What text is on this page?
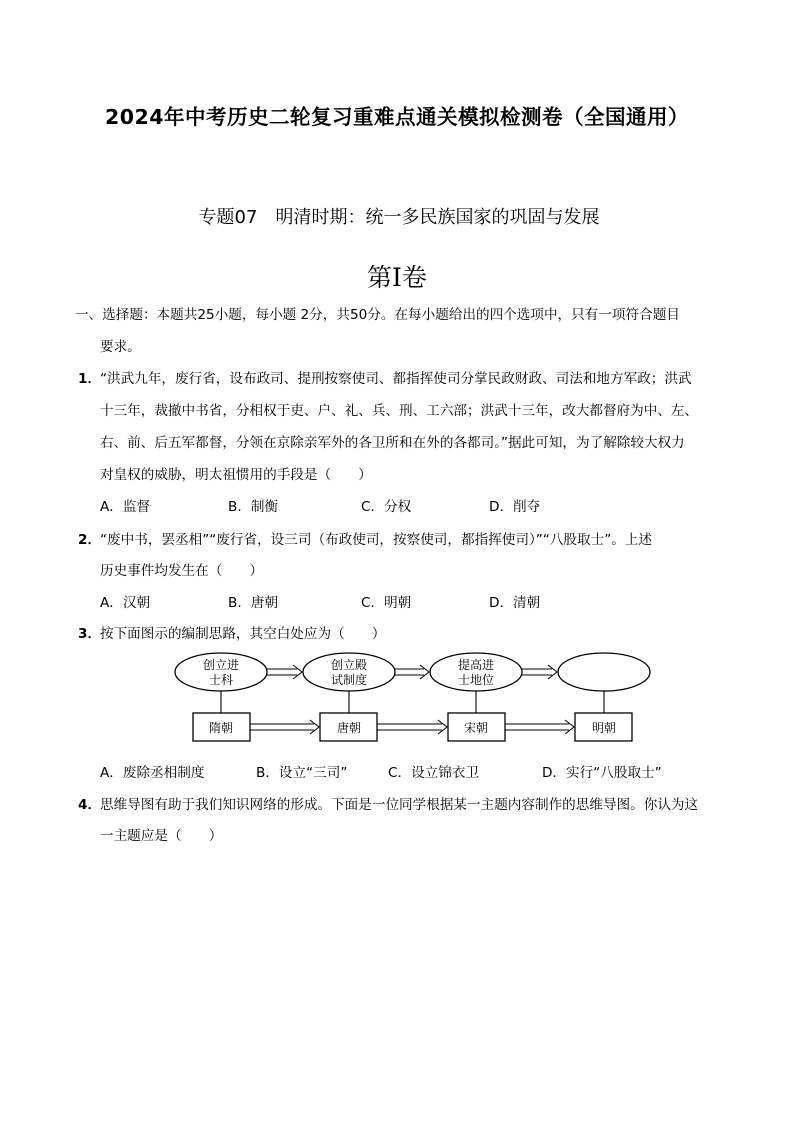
2024年中考历史二轮复习重难点通关模拟检测卷（全国通用）
专题07　明清时期：统一多民族国家的巩固与发展
第Ⅰ卷
一、选择题：本题共25小题，每小题 2分，共50分。在每小题给出的四个选项中，只有一项符合题目
要求。
1．
“洪武九年，废行省，设布政司、提刑按察使司、都指挥使司分掌民政财政、司法和地方军政；洪武
十三年，裁撤中书省，分相权于吏、户、礼、兵、刑、工六部；洪武十三年，改大都督府为中、左、
右、前、后五军都督，分领在京除亲军外的各卫所和在外的各都司。”据此可知，为了解除较大权力
对皇权的威胁，明太祖惯用的手段是（　　）
A．监督	B．制衡	C．分权	D．削夺
2．
“废中书，罢丞相”“废行省，设三司（布政使司，按察使司，都指挥使司）”“八股取士”。上述
历史事件均发生在（　　）
A．汉朝	B．唐朝	C．明朝	D．清朝
3．
按下面图示的编制思路，其空白处应为（　　）
创立进
士科
创立殿
试制度
提高进
士地位
隋朝	唐朝	宋朝	明朝
A．废除丞相制度	B．设立“三司”	C．设立锦衣卫	D．实行“八股取士”
4．
思维导图有助于我们知识网络的形成。下面是一位同学根据某一主题内容制作的思维导图。你认为这
一主题应是（　　）
